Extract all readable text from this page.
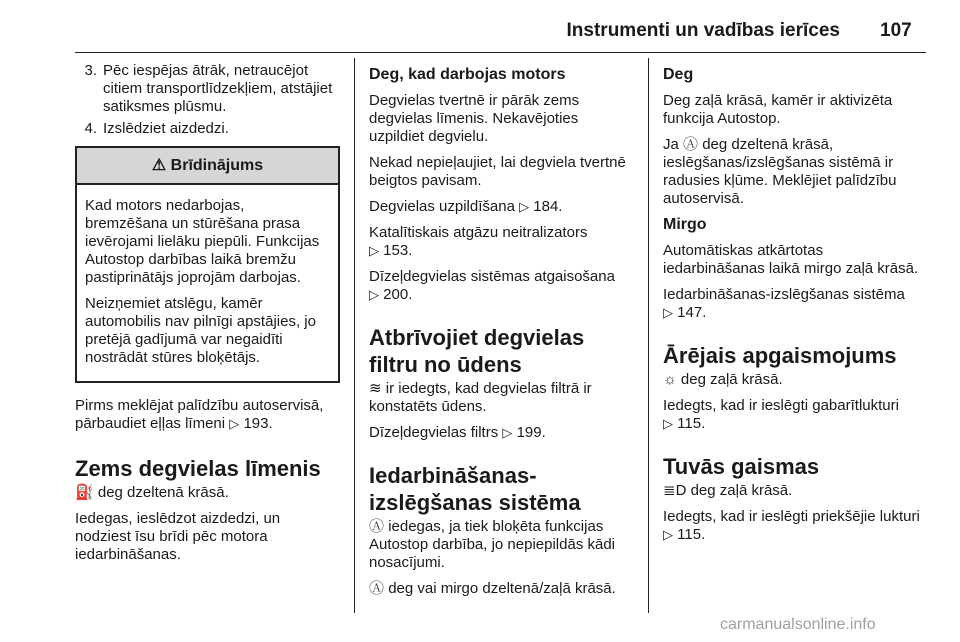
Instrumenti un vadības ierīces 107
3. Pēc iespējas ātrāk, netraucējot citiem transportlīdzekļiem, atstājiet satiksmes plūsmu.
4. Izslēdziet aizdedzi.
⚠ Brīdinājums

Kad motors nedarbojas, bremzēšana un stūrēšana prasa ievērojami lielāku piepūli. Funkcijas Autostop darbības laikā bremžu pastiprinātājs joprojām darbojas.

Neizņemiet atslēgu, kamēr automobilis nav pilnīgi apstājies, jo pretējā gadījumā var negaidīti nostrādāt stūres bloķētājs.

Pirms meklējat palīdzību autoservisā, pārbaudiet eļļas līmeni ▷ 193.

Zems degvielas līmenis

⛽ deg dzeltenā krāsā.

Iedegas, ieslēdzot aizdedzi, un nodziest īsu brīdi pēc motora iedarbināšanas.

Deg, kad darbojas motors

Degvielas tvertnē ir pārāk zems degvielas līmenis. Nekavējoties uzpildiet degvielu.

Nekad nepieļaujiet, lai degviela tvertnē beigtos pavisam.

Degvielas uzpildīšana ▷ 184.

Katalītiskais atgāzu neitralizators
▷ 153.

Dīzeļdegvielas sistēmas atgaisošana
▷ 200.

Atbrīvojiet degvielas filtru no ūdens

≋ ir iedegts, kad degvielas filtrā ir konstatēts ūdens.

Dīzeļdegvielas filtrs ▷ 199.

Iedarbināšanas-izslēgšanas sistēma

Ⓐ iedegas, ja tiek bloķēta funkcijas Autostop darbība, jo nepiepildās kādi nosacījumi.

Ⓐ deg vai mirgo dzeltenā/zaļā krāsā.

Deg

Deg zaļā krāsā, kamēr ir aktivizēta funkcija Autostop.

Ja Ⓐ deg dzeltenā krāsā, ieslēgšanas/izslēgšanas sistēmā ir radusies kļūme. Meklējiet palīdzību autoservisā.

Mirgo

Automātiskas atkārtotas iedarbināšanas laikā mirgo zaļā krāsā.

Iedarbināšanas-izslēgšanas sistēma
▷ 147.

Ārējais apgaismojums

☼ deg zaļā krāsā.

Iedegts, kad ir ieslēgti gabarītlukturi
▷ 115.

Tuvās gaismas

≣D deg zaļā krāsā.

Iedegts, kad ir ieslēgti priekšējie lukturi
▷ 115.

carmanualsonline.info
